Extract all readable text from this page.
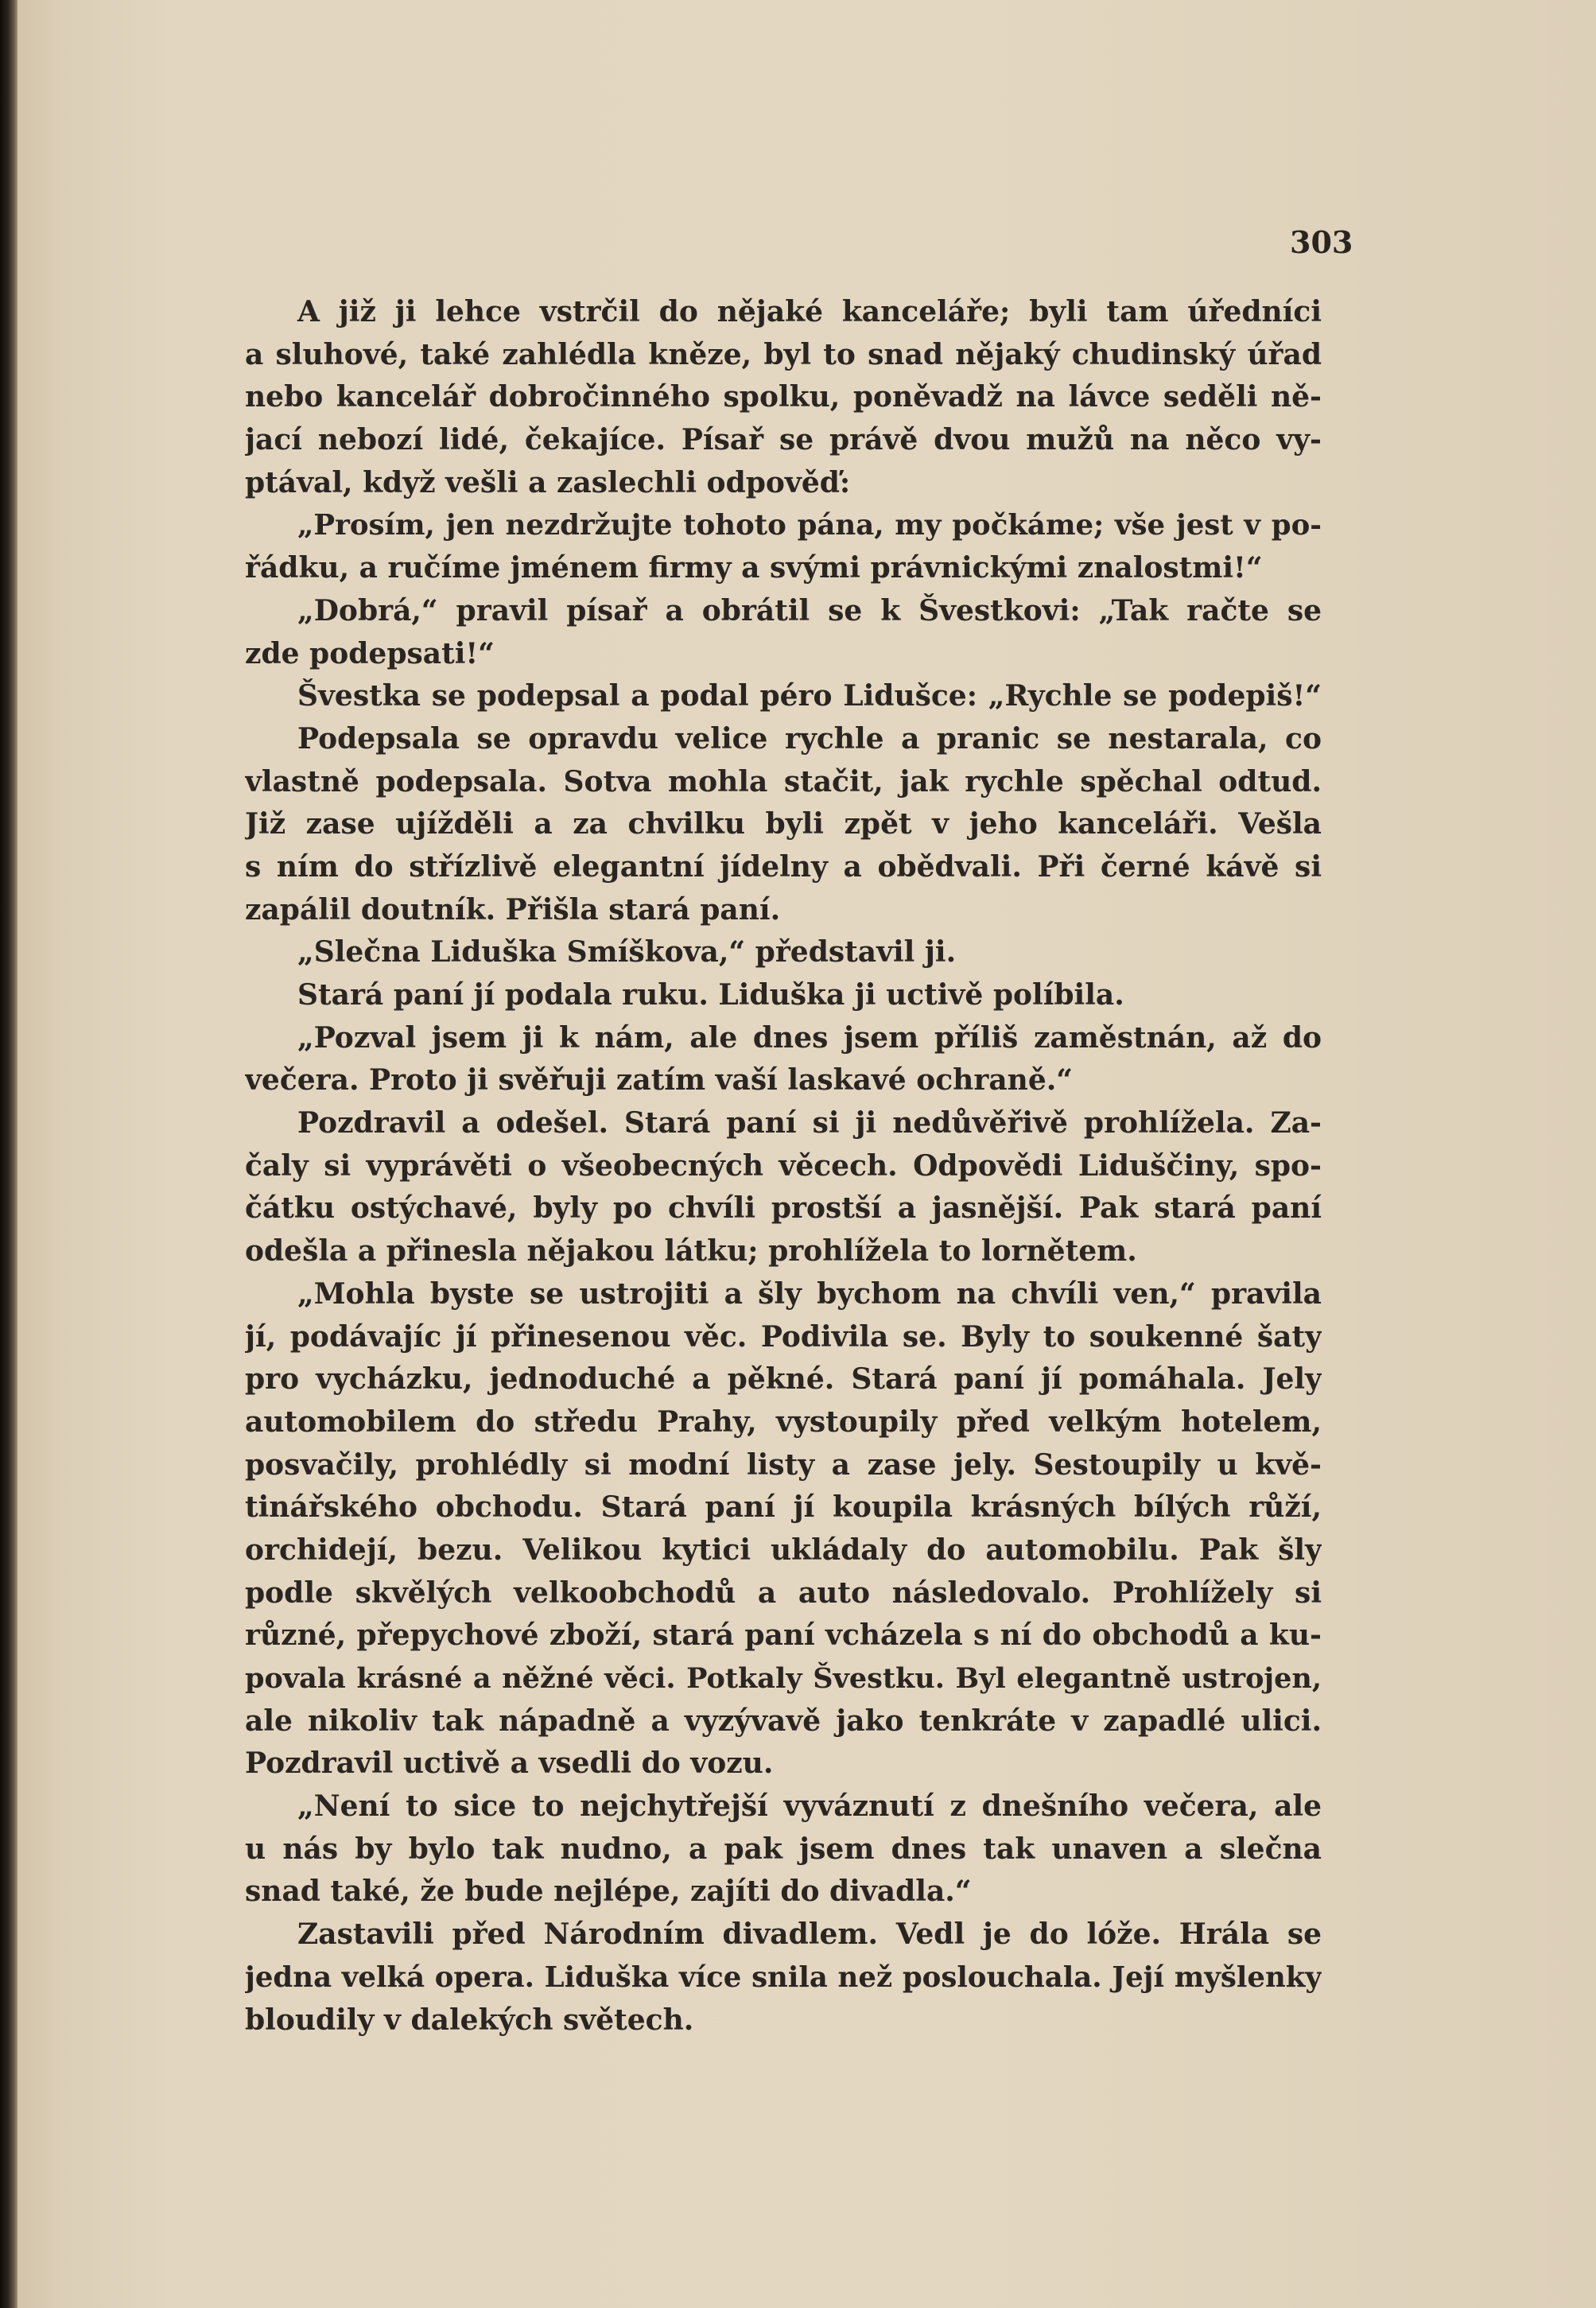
303
A již ji lehce vstrčil do nějaké kanceláře; byli tam úředníci
a sluhové, také zahlédla kněze, byl to snad nějaký chudinský úřad
nebo kancelář dobročinného spolku, poněvadž na lávce seděli ně-
jací nebozí lidé, čekajíce. Písař se právě dvou mužů na něco vy-
ptával, když vešli a zaslechli odpověď:
„Prosím, jen nezdržujte tohoto pána, my počkáme; vše jest v po-
řádku, a ručíme jménem firmy a svými právnickými znalostmi!“
„Dobrá,“ pravil písař a obrátil se k Švestkovi: „Tak račte se
zde podepsati!“
Švestka se podepsal a podal péro Lidušce: „Rychle se podepiš!“
Podepsala se opravdu velice rychle a pranic se nestarala, co
vlastně podepsala. Sotva mohla stačit, jak rychle spěchal odtud.
Již zase ujížděli a za chvilku byli zpět v jeho kanceláři. Vešla
s ním do střízlivě elegantní jídelny a obědvali. Při černé kávě si
zapálil doutník. Přišla stará paní.
„Slečna Liduška Smíškova,“ představil ji.
Stará paní jí podala ruku. Liduška ji uctivě políbila.
„Pozval jsem ji k nám, ale dnes jsem příliš zaměstnán, až do
večera. Proto ji svěřuji zatím vaší laskavé ochraně.“
Pozdravil a odešel. Stará paní si ji nedůvěřivě prohlížela. Za-
čaly si vyprávěti o všeobecných věcech. Odpovědi Liduščiny, spo-
čátku ostýchavé, byly po chvíli prostší a jasnější. Pak stará paní
odešla a přinesla nějakou látku; prohlížela to lornětem.
„Mohla byste se ustrojiti a šly bychom na chvíli ven,“ pravila
jí, podávajíc jí přinesenou věc. Podivila se. Byly to soukenné šaty
pro vycházku, jednoduché a pěkné. Stará paní jí pomáhala. Jely
automobilem do středu Prahy, vystoupily před velkým hotelem,
posvačily, prohlédly si modní listy a zase jely. Sestoupily u kvě-
tinářského obchodu. Stará paní jí koupila krásných bílých růží,
orchidejí, bezu. Velikou kytici ukládaly do automobilu. Pak šly
podle skvělých velkoobchodů a auto následovalo. Prohlížely si
různé, přepychové zboží, stará paní vcházela s ní do obchodů a ku-
povala krásné a něžné věci. Potkaly Švestku. Byl elegantně ustrojen,
ale nikoliv tak nápadně a vyzývavě jako tenkráte v zapadlé ulici.
Pozdravil uctivě a vsedli do vozu.
„Není to sice to nejchytřejší vyváznutí z dnešního večera, ale
u nás by bylo tak nudno, a pak jsem dnes tak unaven a slečna
snad také, že bude nejlépe, zajíti do divadla.“
Zastavili před Národním divadlem. Vedl je do lóže. Hrála se
jedna velká opera. Liduška více snila než poslouchala. Její myšlenky
bloudily v dalekých světech.
